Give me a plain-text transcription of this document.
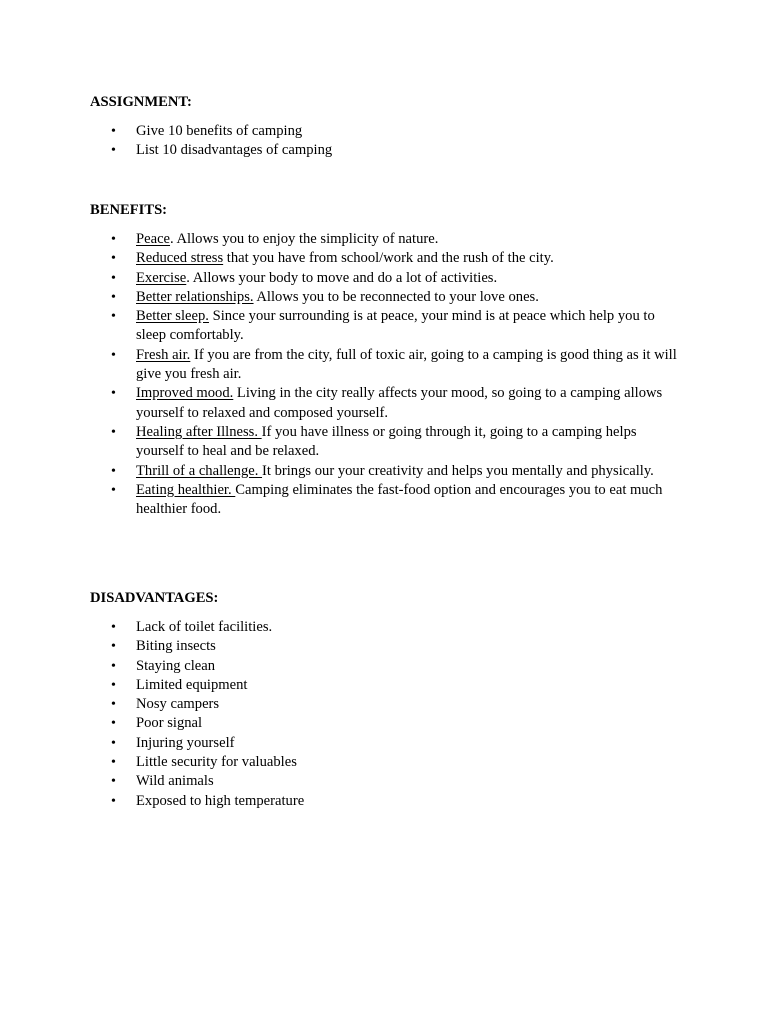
ASSIGNMENT:

• Give 10 benefits of camping
• List 10 disadvantages of camping

BENEFITS:

• Peace. Allows you to enjoy the simplicity of nature.
• Reduced stress that you have from school/work and the rush of the city.
• Exercise. Allows your body to move and do a lot of activities.
• Better relationships. Allows you to be reconnected to your love ones.
• Better sleep. Since your surrounding is at peace, your mind is at peace which help you to sleep comfortably.
• Fresh air. If you are from the city, full of toxic air, going to a camping is good thing as it will give you fresh air.
• Improved mood. Living in the city really affects your mood, so going to a camping allows yourself to relaxed and composed yourself.
• Healing after Illness. If you have illness or going through it, going to a camping helps yourself to heal and be relaxed.
• Thrill of a challenge. It brings our your creativity and helps you mentally and physically.
• Eating healthier. Camping eliminates the fast-food option and encourages you to eat much healthier food.

DISADVANTAGES:

• Lack of toilet facilities.
• Biting insects
• Staying clean
• Limited equipment
• Nosy campers
• Poor signal
• Injuring yourself
• Little security for valuables
• Wild animals
• Exposed to high temperature
